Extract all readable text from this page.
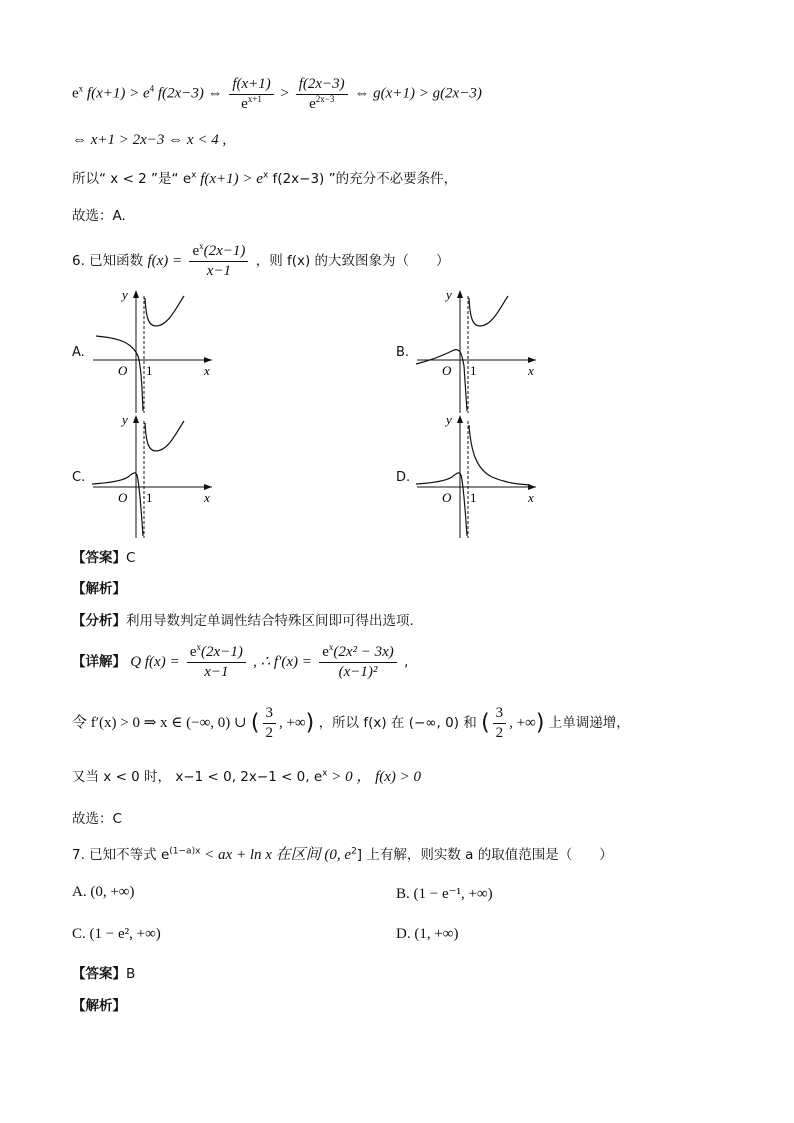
$e^x$ $f(x+1) > e^4$ f(2x−3) ⇔ $\frac{f(x+1)}{e^{x+1}} > \frac{f(2x-3)}{e^{2x-3}}$ ⇔ g(x+1) > g(2x−3)
⇔ x+1 > 2x−3 ⇔ x < 4 ,
所以“ x < 2 ”是“ $e^x$ $f(x+1) > e^x$ f(2x−3) ”的充分不必要条件，
故选：A.
6. 已知函数 $f(x) = \frac{e^x(2x-1)}{x-1}$ ，则 f(x) 的大致图象为（　　）
A.	B.
C.	D.
y
O 1	x
y
O 1	x
y
O 1	x
y
O 1	x
【答案】C
【解析】
【分析】利用导数判定单调性结合特殊区间即可得出选项.
【详解】 Q $f(x) = \frac{e^x(2x-1)}{x-1}$ , ∴ $f'(x) = \frac{e^x(2x^2 - 3x)}{\text{(x−1)²}}$ ,
令 f′(x) > 0 ⇒ x ∈ (−∞, 0) ∪ ( $\frac{3}{2}$ , +∞) ，所以 f(x) 在 (−∞, 0) 和 ( $\frac{3}{2}$ , +∞) 上单调递增，
又当 x < 0 时， x−1 < 0, 2x−1 < 0, $e^x > 0$ ， f(x) > 0
故选：C
7. 已知不等式 $e^{(1-a)x}$ < ax + ln x 在区间 (0, $e^2$] 上有解，则实数 a 的取值范围是（　　）
A. (0, +∞)	B. (1 − e⁻¹, +∞)
C. (1 − e², +∞)	D. (1, +∞)
【答案】B
【解析】
